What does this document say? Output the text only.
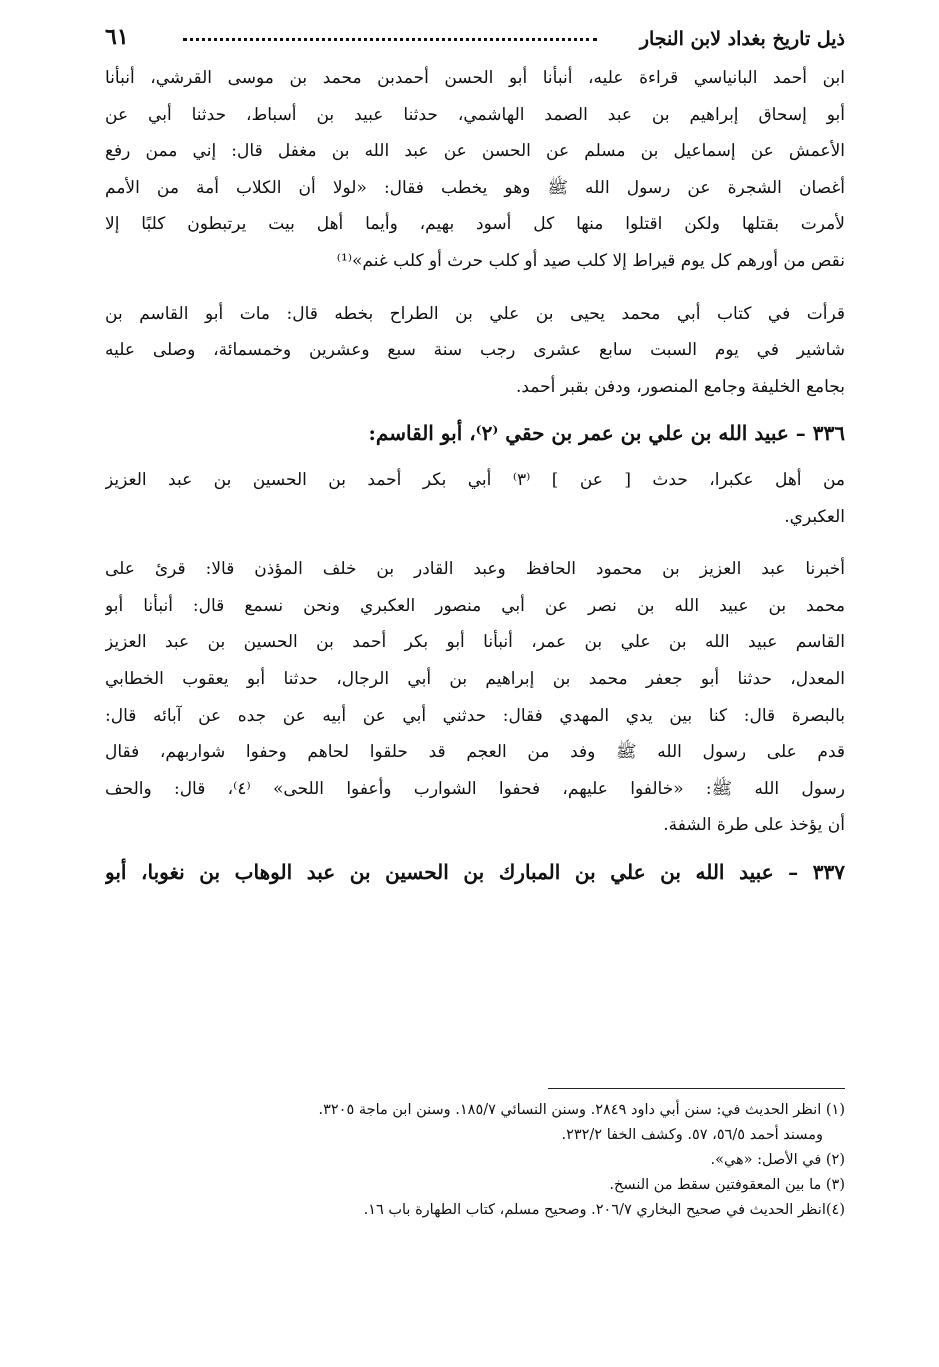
ذيل تاريخ بغداد لابن النجار
٦١
ابن أحمد البانياسي قراءة عليه، أنبأنا أبو الحسن أحمدبن محمد بن موسى القرشي، أنبأنا
أبو إسحاق إبراهيم بن عبد الصمد الهاشمي، حدثنا عبيد بن أسباط، حدثنا أبي عن
الأعمش عن إسماعيل بن مسلم عن الحسن عن عبد الله بن مغفل قال: إني ممن رفع
أغصان الشجرة عن رسول الله ﷺ وهو يخطب فقال: «لولا أن الكلاب أمة من الأمم
لأمرت بقتلها ولكن اقتلوا منها كل أسود بهيم، وأيما أهل بيت يرتبطون كلبًا إلا
نقص من أورهم كل يوم قيراط إلا كلب صيد أو كلب حرث أو كلب غنم»⁽¹⁾
قرأت في كتاب أبي محمد يحيى بن علي بن الطراح بخطه قال: مات أبو القاسم بن
شاشير في يوم السبت سابع عشرى رجب سنة سبع وعشرين وخمسمائة، وصلى عليه
بجامع الخليفة وجامع المنصور، ودفن بقبر أحمد.
٣٣٦ – عبيد الله بن علي بن عمر بن حقي ⁽٢⁾، أبو القاسم:
من أهل عكبرا، حدث [ عن ] ⁽٣⁾ أبي بكر أحمد بن الحسين بن عبد العزيز
العكبري.
أخبرنا عبد العزيز بن محمود الحافظ وعبد القادر بن خلف المؤذن قالا: قرئ على
محمد بن عبيد الله بن نصر عن أبي منصور العكبري ونحن نسمع قال: أنبأنا أبو
القاسم عبيد الله بن علي بن عمر، أنبأنا أبو بكر أحمد بن الحسين بن عبد العزيز
المعدل، حدثنا أبو جعفر محمد بن إبراهيم بن أبي الرجال، حدثنا أبو يعقوب الخطابي
بالبصرة قال: كنا بين يدي المهدي فقال: حدثني أبي عن أبيه عن جده عن آبائه قال:
قدم على رسول الله ﷺ وفد من العجم قد حلقوا لحاهم وحفوا شواربهم، فقال
رسول الله ﷺ: «خالفوا عليهم، فحفوا الشوارب وأعفوا اللحى» ⁽٤⁾، قال: والحف
أن يؤخذ على طرة الشفة.
٣٣٧ – عبيد الله بن علي بن المبارك بن الحسين بن عبد الوهاب بن نغوبا، أبو
(١) انظر الحديث في: سنن أبي داود ٢٨٤٩. وسنن النسائي ١٨٥/٧. وسنن ابن ماجة ٣٢٠٥.
ومسند أحمد ٥٦/٥، ٥٧. وكشف الخفا ٢٣٢/٢.
(٢) في الأصل: «هي».
(٣) ما بين المعقوفتين سقط من النسخ.
(٤)انظر الحديث في صحيح البخاري ٢٠٦/٧. وصحيح مسلم، كتاب الطهارة باب ١٦.
